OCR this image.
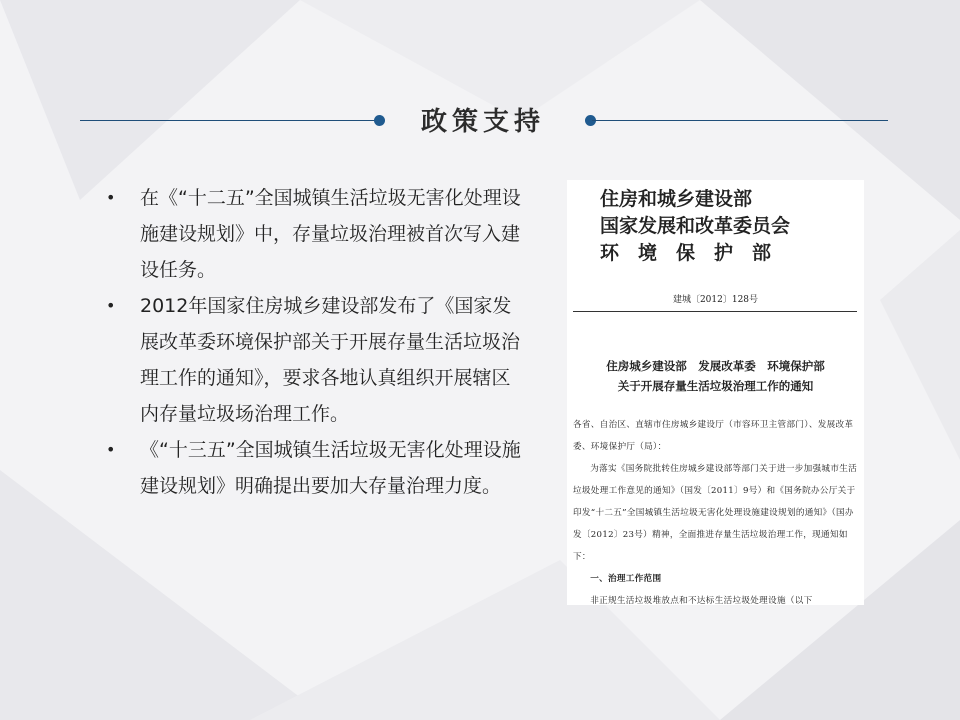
政策支持
• 在《“十二五”全国城镇生活垃圾无害化处理设施建设规划》中，存量垃圾治理被首次写入建设任务。
• 2012年国家住房城乡建设部发布了《国家发展改革委环境保护部关于开展存量生活垃圾治理工作的通知》，要求各地认真组织开展辖区内存量垃圾场治理工作。
• 《“十三五”全国城镇生活垃圾无害化处理设施建设规划》明确提出要加大存量治理力度。
住房和城乡建设部
国家发展和改革委员会
环　境　保　护　部
建城〔2012〕128号
住房城乡建设部　发展改革委　环境保护部
关于开展存量生活垃圾治理工作的通知

各省、自治区、直辖市住房城乡建设厅（市容环卫主管部门）、发展改革委、环境保护厅（局）：

为落实《国务院批转住房城乡建设部等部门关于进一步加强城市生活垃圾处理工作意见的通知》（国发〔2011〕9号）和《国务院办公厅关于印发“十二五”全国城镇生活垃圾无害化处理设施建设规划的通知》（国办发〔2012〕23号）精神，全面推进存量生活垃圾治理工作，现通知如下：

一、治理工作范围

非正规生活垃圾堆放点和不达标生活垃圾处理设施（以下
